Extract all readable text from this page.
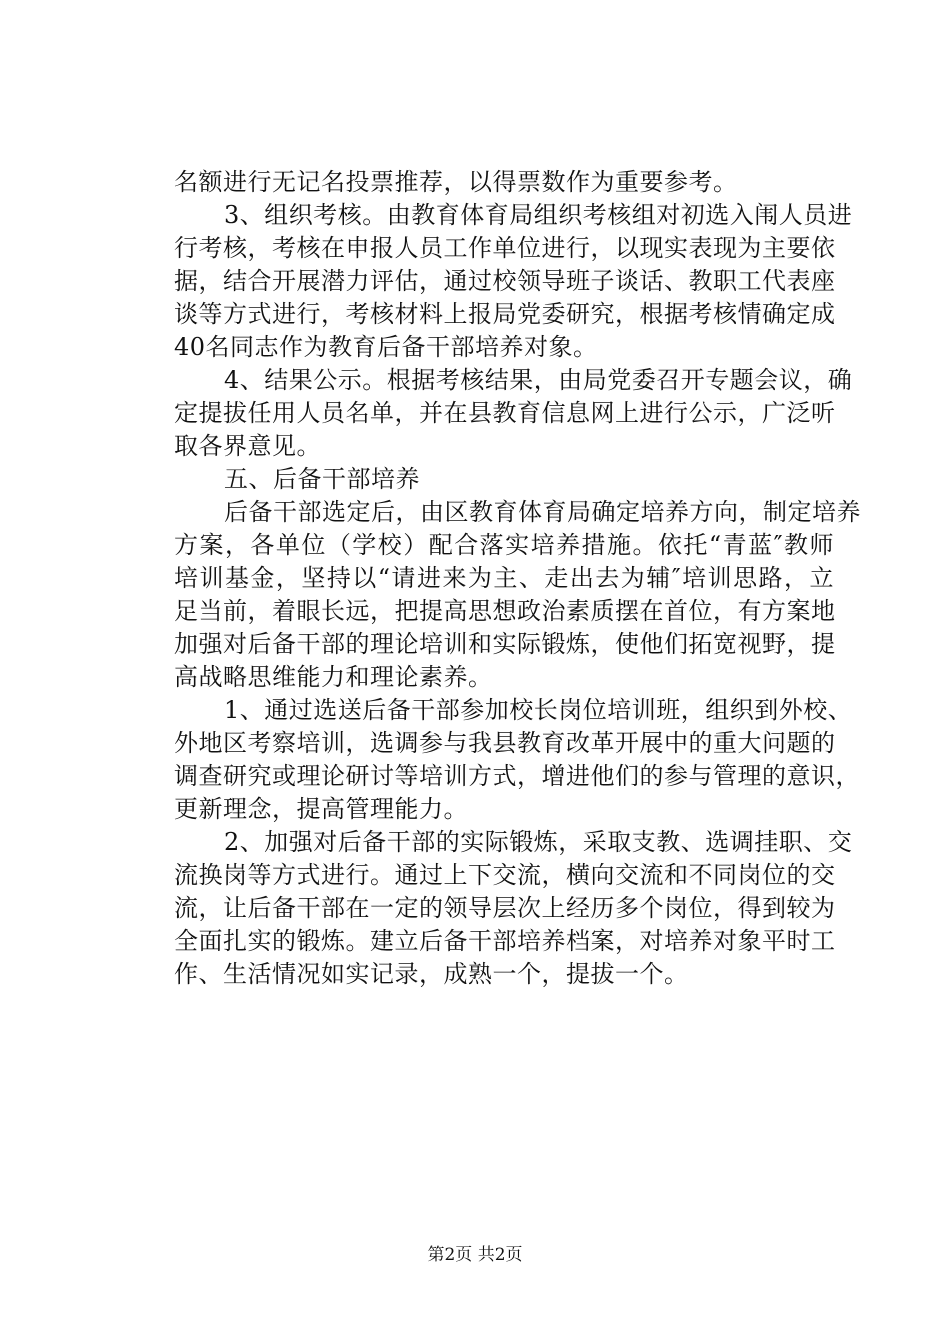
名额进行无记名投票推荐，以得票数作为重要参考。
3、组织考核。由教育体育局组织考核组对初选入闱人员进
行考核，考核在申报人员工作单位进行，以现实表现为主要依
据，结合开展潜力评估，通过校领导班子谈话、教职工代表座
谈等方式进行，考核材料上报局党委研究，根据考核情确定成
40名同志作为教育后备干部培养对象。
4、结果公示。根据考核结果，由局党委召开专题会议，确
定提拔任用人员名单，并在县教育信息网上进行公示，广泛听
取各界意见。
五、后备干部培养
后备干部选定后，由区教育体育局确定培养方向，制定培养
方案，各单位（学校）配合落实培养措施。依托“青蓝″教师
培训基金，坚持以“请进来为主、走出去为辅″培训思路，立
足当前，着眼长远，把提高思想政治素质摆在首位，有方案地
加强对后备干部的理论培训和实际锻炼，使他们拓宽视野，提
高战略思维能力和理论素养。
1、通过选送后备干部参加校长岗位培训班，组织到外校、
外地区考察培训，选调参与我县教育改革开展中的重大问题的
调查研究或理论研讨等培训方式，增进他们的参与管理的意识，
更新理念，提高管理能力。
2、加强对后备干部的实际锻炼，采取支教、选调挂职、交
流换岗等方式进行。通过上下交流，横向交流和不同岗位的交
流，让后备干部在一定的领导层次上经历多个岗位，得到较为
全面扎实的锻炼。建立后备干部培养档案，对培养对象平时工
作、生活情况如实记录，成熟一个，提拔一个。
第2页 共2页
